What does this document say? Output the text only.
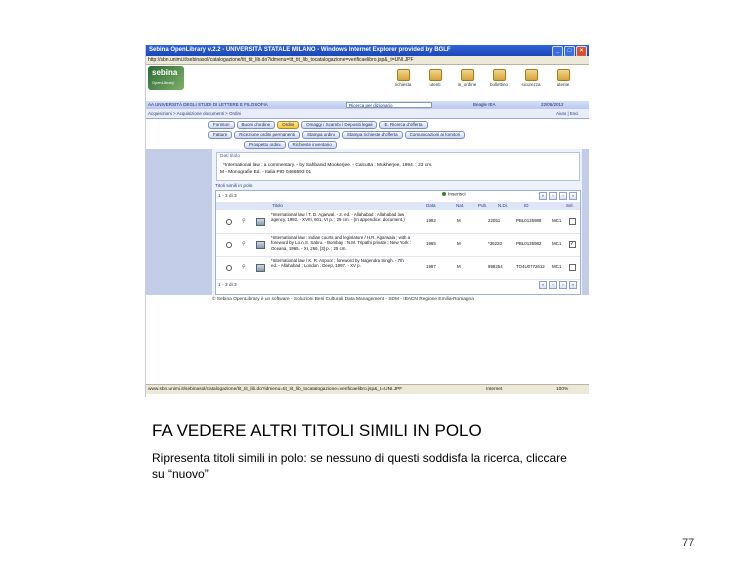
Sebina OpenLibrary v.2.2 - UNIVERSITÀ STATALE MILANO - Windows Internet Explorer provided by BGLF	_	□	×
http://sbn.unimi.it/sebinasol/catalogazione/tit_tit_lib.do?idmenu=tit_tit_lib_tocatalogazione=verificaelibro.jsp&_t=UNI.JPF
sebina
OpenLibrary	richiesta	utenti	in_ordine	bollettino	sicurezza	utente
AA UNIVERSITÀ DEGLI STUDI DI LETTERE E FILOSOFIA	Ricerca per dizionario	Beagle IEA	22/05/2012
Acquisizioni > Acquisizione documenti > Ordini	Aiuto | Esci
Fornitori	Buoni d'ordine	Ordini	Omaggi / Scambi / Depositi legali	E. Ricerca d'offerta
Fatture	Ricezione ordini permanenti	Stampa ordini	Stampa richieste d'offerta	Comunicazioni ai fornitori
Prospetto ordini	Richieste inventario
Dati titolo
*International law : a commentary. - by Sahbanid Mookerjee. - Calcutta : Mukherjee, 1994. ; 23 cm.
M - Monografie Ed. - Italia PID 0466593 01
Titoli simili in polo
1 - 3 di 3	Inserisci	«	‹	›	»
Titolo	Data	Nat.	Pub. N.Di.	ID	Sel.
⚲
*International law / T. D. Agarwal. - 2. ed. - Allahabad : Allahabad law agency, 1992. - XVIII, 601, VI p. ; 25 cm. - (In appendice: document.)	1992	M	22051	PBL0135988 MC1
⚲
*International law : Indian courts and legislature / H.R. Agarwala ; with a foreword by Lo.n.S. Sabru. - Bombay : N.M. Tripathi private ; New York : Oceana, 1965. - XI, 266, [3] p. ; 25 cm.
1965	M	*36220	PBL0135982 MC1
✓
⚲
*International law / K. R. Aspoor ; foreword by Nagendra Singh. - 7th ed. - Allahabad ; London : Deep, 1997. - XV p.	1997	M	898254	TO4U0772612 MC1
1 - 3 di 3	«	‹	›	»
© Sebina OpenLibrary è un software - Soluzioni Beni Culturali Data Management - SDM - IBACN Regione Emilia-Romagna
www.sbn.unimi.it/sebinasol/catalogazione/tit_tit_lib.do?idmenu=tit_tit_lib_tocatalogazione=verificaelibro.jsp&_t=UNI.JPF	Internet	100%
FA VEDERE ALTRI TITOLI SIMILI IN POLO
Ripresenta titoli simili in polo: se nessuno di questi soddisfa la ricerca, cliccare su “nuovo”
77
